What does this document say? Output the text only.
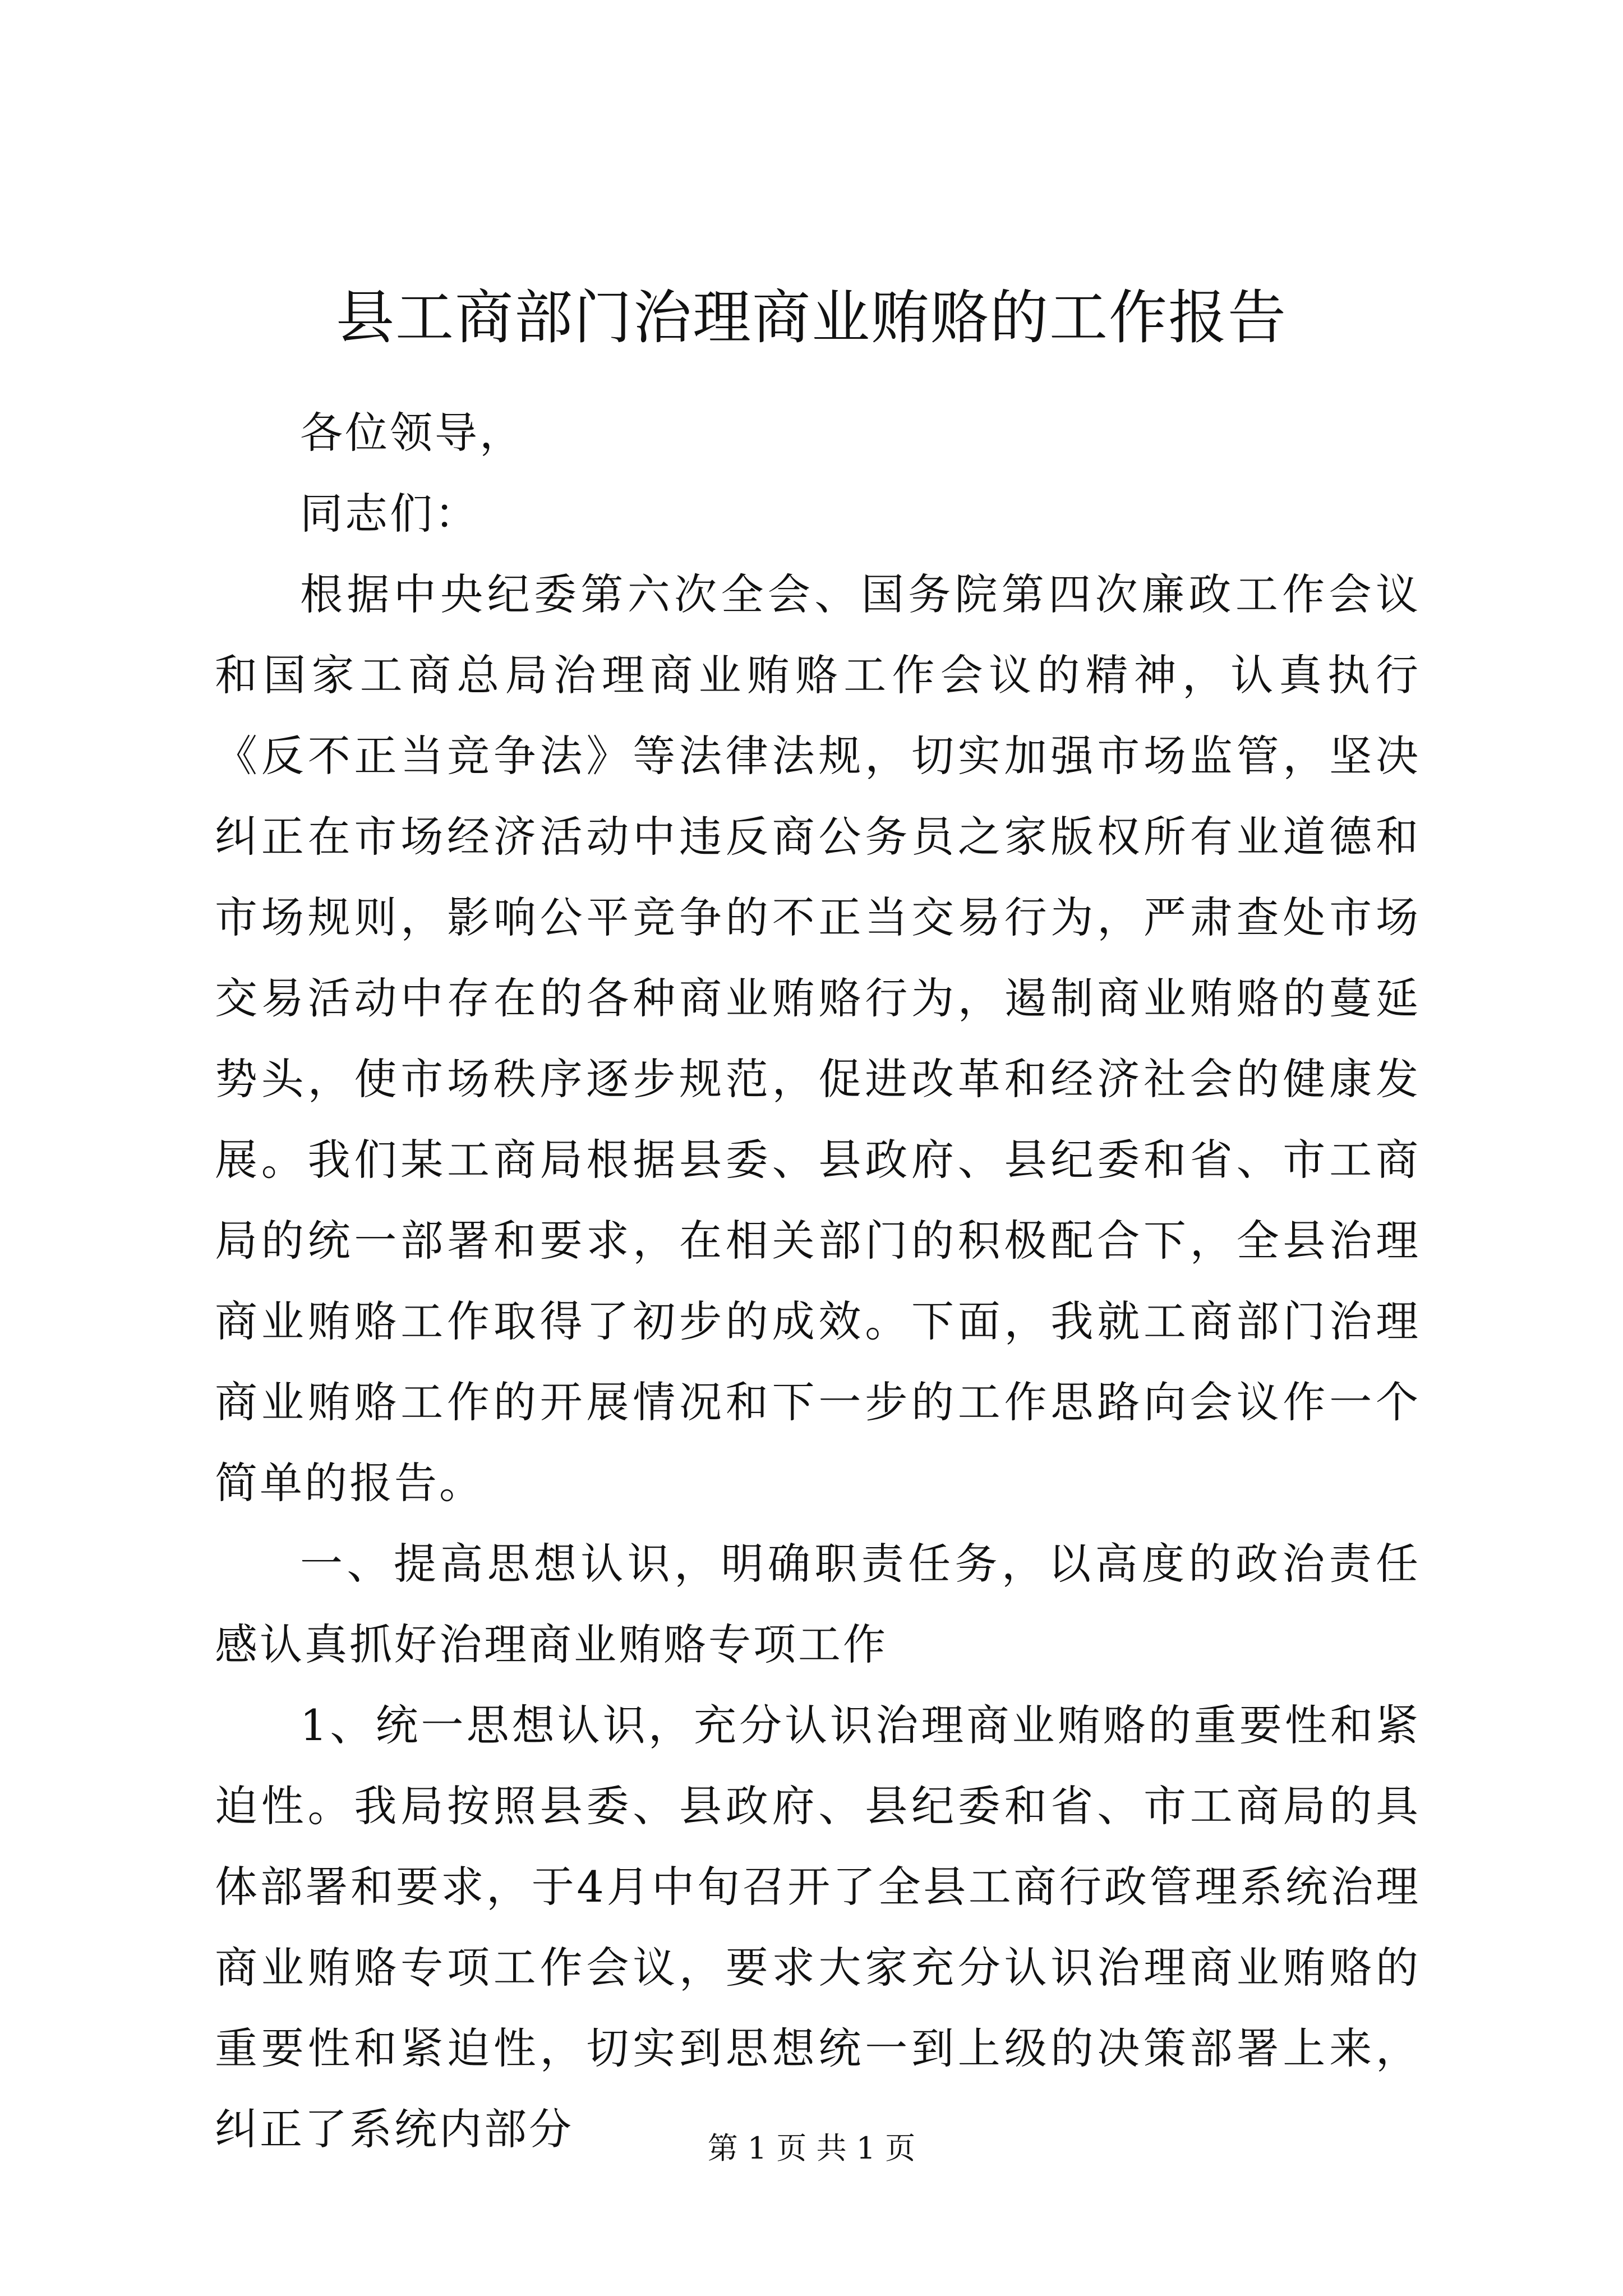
县工商部门治理商业贿赂的工作报告

各位领导，

同志们：

根据中央纪委第六次全会、国务院第四次廉政工作会议和国家工商总局治理商业贿赂工作会议的精神，认真执行《反不正当竞争法》等法律法规，切实加强市场监管，坚决纠正在市场经济活动中违反商公务员之家版权所有业道德和市场规则，影响公平竞争的不正当交易行为，严肃查处市场交易活动中存在的各种商业贿赂行为，遏制商业贿赂的蔓延势头，使市场秩序逐步规范，促进改革和经济社会的健康发展。我们某工商局根据县委、县政府、县纪委和省、市工商局的统一部署和要求，在相关部门的积极配合下，全县治理商业贿赂工作取得了初步的成效。下面，我就工商部门治理商业贿赂工作的开展情况和下一步的工作思路向会议作一个简单的报告。

一、提高思想认识，明确职责任务，以高度的政治责任感认真抓好治理商业贿赂专项工作

1、统一思想认识，充分认识治理商业贿赂的重要性和紧迫性。我局按照县委、县政府、县纪委和省、市工商局的具体部署和要求，于4月中旬召开了全县工商行政管理系统治理商业贿赂专项工作会议，要求大家充分认识治理商业贿赂的重要性和紧迫性，切实到思想统一到上级的决策部署上来，纠正了系统内部分	第 1 页 共 1 页
